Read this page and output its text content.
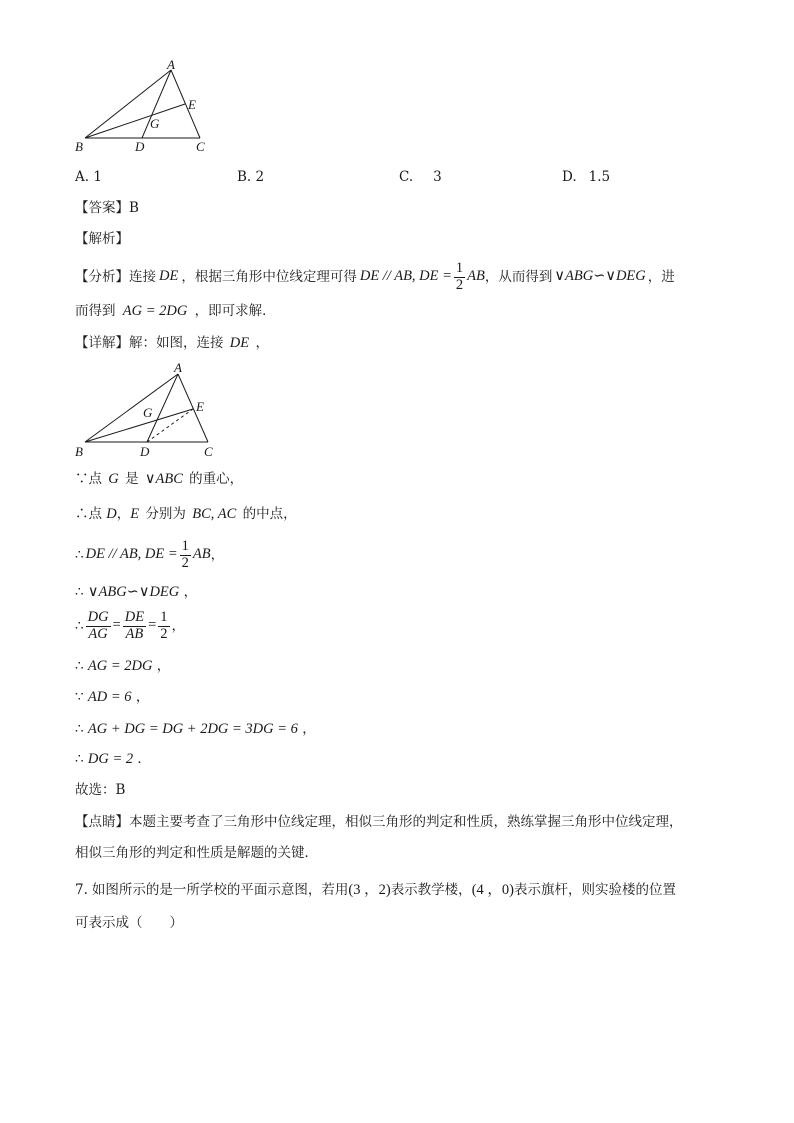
A
E
G
B	D	C
A. 1	B. 2	C. 3	D. 1.5
【答案】B
【解析】
【分析】 连接 DE ，根据三角形中位线定理可得 DE // AB, DE = $\frac{1}{2}$ AB ，从而得到 ∨ABG∽∨DEG ，进
而得到 AG = 2DG ，即可求解．
【详解】解：如图，连接 DE ，
A
G	E
B	D	C
∵点 G 是 ∨ABC 的重心，
∴点 D，E 分别为 BC, AC 的中点，
∴ DE // AB, DE = $\frac{1}{2}$ AB ，
∴ ∨ABG∽∨DEG ，
∴ $\frac{DG}{AG} = \frac{DE}{AB} = \frac{1}{2}$ ，
∴ AG = 2DG ，
∵ AD = 6 ，
∴ AG + DG = DG + 2DG = 3DG = 6 ，
∴ DG = 2 ．
故选：B
【点睛】本题主要考查了三角形中位线定理，相似三角形的判定和性质，熟练掌握三角形中位线定理，
相似三角形的判定和性质是解题的关键．
7. 如图所示的是一所学校的平面示意图，若用(3 ，2)表示教学楼，(4 ，0)表示旗杆，则实验楼的位置
可表示成（　　）
